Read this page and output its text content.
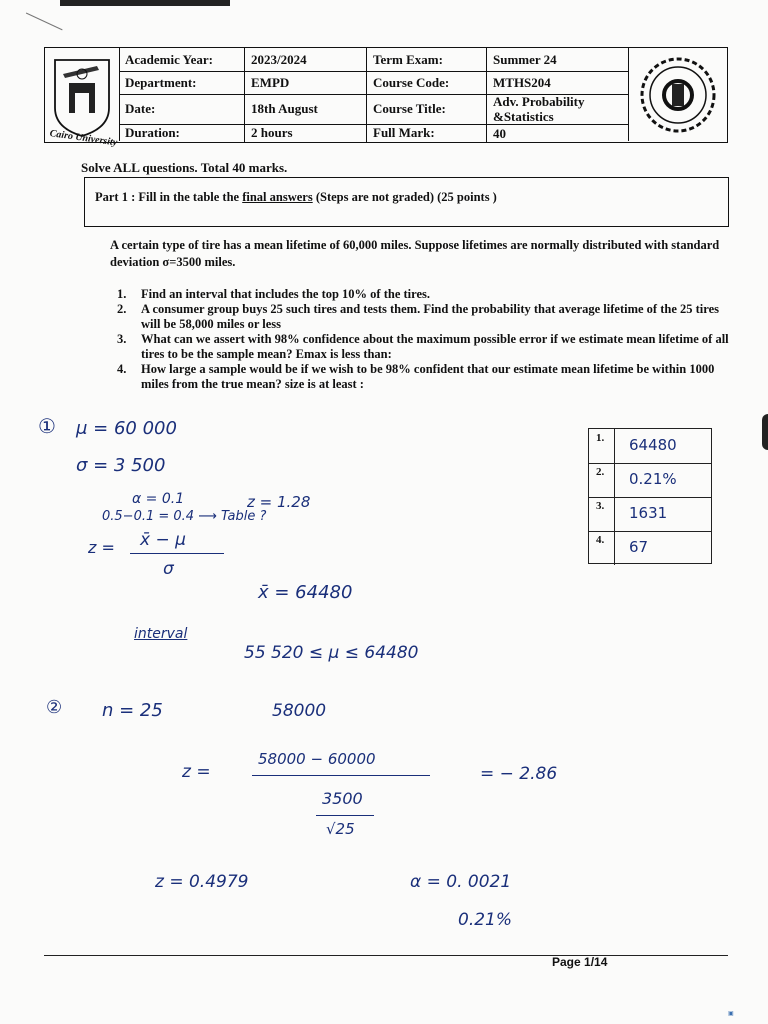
Cairo University
Academic Year:	2023/2024	Term Exam:	Summer 24
Department:	EMPD	Course Code:	MTHS204
Date:	18th August	Course Title:	Adv. Probability &Statistics
Duration:	2 hours	Full Mark:	40
Solve ALL questions. Total 40 marks.
Part 1 : Fill in the table the final answers (Steps are not graded) (25 points )
A certain type of tire has a mean lifetime of 60,000 miles. Suppose lifetimes are normally distributed with standard deviation σ=3500 miles.
1.	Find an interval that includes the top 10% of the tires.
2.	A consumer group buys 25 such tires and tests them. Find the probability that average lifetime of the 25 tires will be 58,000 miles or less
3.	What can we assert with 98% confidence about the maximum possible error if we estimate mean lifetime of all tires to be the sample mean? Emax is less than:
4.	How large a sample would be if we wish to be 98% confident that our estimate mean lifetime be within 1000 miles from the true mean? size is at least :
1.	64480
2.	0.21%
3.	1631
4.	67
① μ = 60 000
σ = 3 500
α = 0.1	z = 1.28
0.5−0.1 = 0.4 ⟶ Table ?
z = x̄ − μ
σ
x̄ = 64480
interval
55 520 ≤ μ ≤ 64480
② n = 25	58000
z =
58000 − 60000
3500
√25
= − 2.86
z = 0.4979	α = 0. 0021
0.21%
Page 1/14
▣
